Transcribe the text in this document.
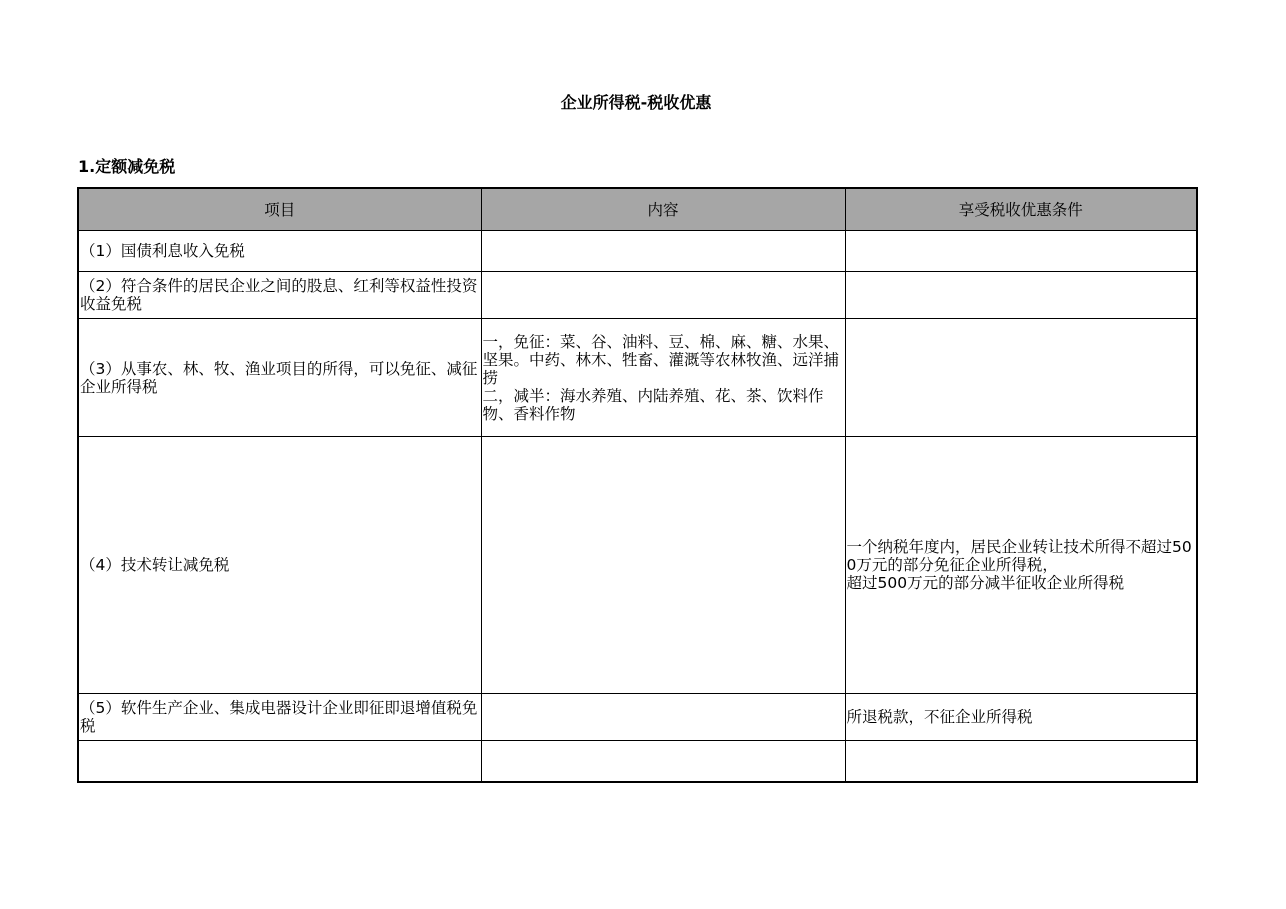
企业所得税-税收优惠
1.定额减免税
项目	内容	享受税收优惠条件
（1）国债利息收入免税		
（2）符合条件的居民企业之间的股息、红利等权益性投资收益免税		
（3）从事农、林、牧、渔业项目的所得，可以免征、减征企业所得税	一，免征：菜、谷、油料、豆、棉、麻、糖、水果、坚果。中药、林木、牲畜、灌溉等农林牧渔、远洋捕捞
二，减半：海水养殖、内陆养殖、花、茶、饮料作物、香料作物	
（4）技术转让减免税		一个纳税年度内，居民企业转让技术所得不超过500万元的部分免征企业所得税，
超过500万元的部分减半征收企业所得税
（5）软件生产企业、集成电器设计企业即征即退增值税免税		所退税款，不征企业所得税
